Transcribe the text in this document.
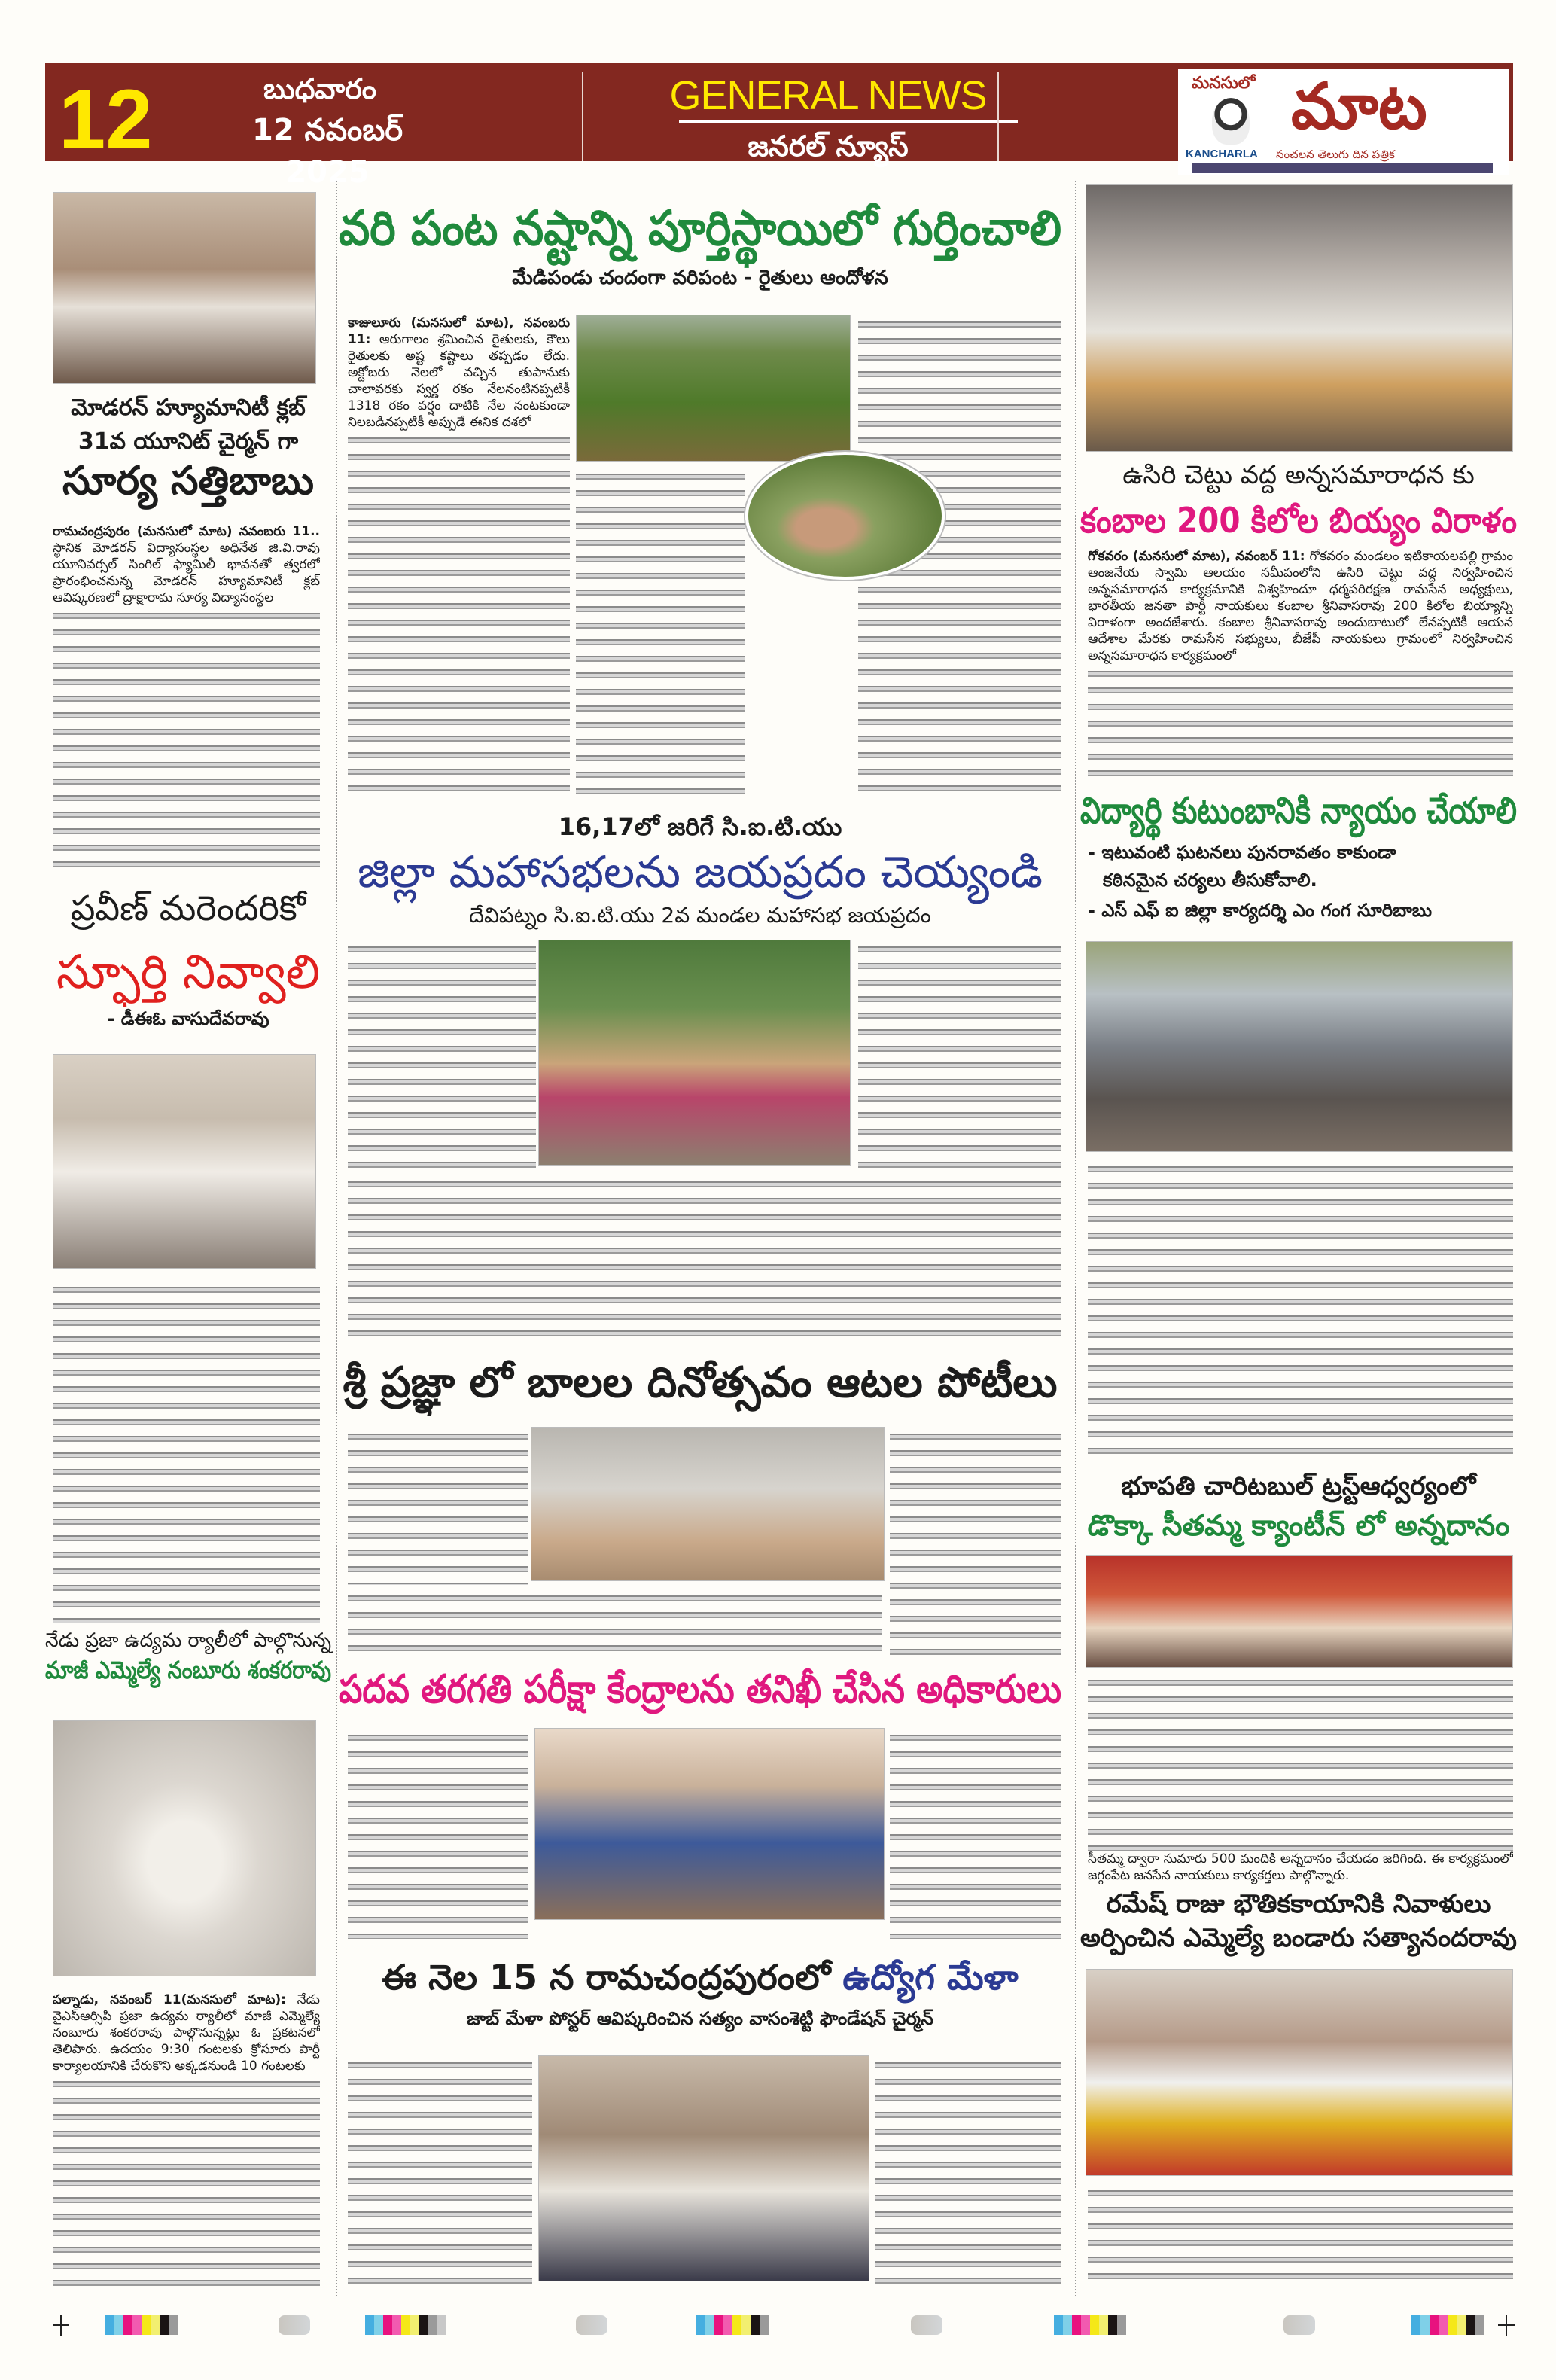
12	బుధవారం
12 నవంబర్ 2025
GENERAL NEWS
జనరల్ న్యూస్
మనసులో మాట
KANCHARLA సంచలన తెలుగు దిన పత్రిక
మోడరన్ హ్యూమానిటీ క్లబ్
31వ యూనిట్ చైర్మన్ గా
సూర్య సత్తిబాబు

రామచంద్రపురం (మనసులో మాట) నవంబరు 11.. స్థానిక మోడరన్ విద్యాసంస్థల అధినేత జి.వి.రావు యూనివర్సల్ సింగిల్ ఫ్యామిలీ భావనతో త్వరలో ప్రారంభించనున్న మోడరన్ హ్యూమానిటీ క్లబ్ ఆవిష్కరణలో ద్రాక్షారామ సూర్య విద్యాసంస్థల

ప్రవీణ్ మరెందరికో
స్ఫూర్తి నివ్వాలి
- డీఈఓ వాసుదేవరావు
నేడు ప్రజా ఉద్యమ ర్యాలీలో పాల్గొనున్న
మాజీ ఎమ్మెల్యే నంబూరు శంకరరావు

పల్నాడు, నవంబర్ 11(మనసులో మాట): నేడు వైఎస్ఆర్సిపి ప్రజా ఉద్యమ ర్యాలీలో మాజీ ఎమ్మెల్యే నంబూరు శంకరరావు పాల్గొనున్నట్లు ఓ ప్రకటనలో తెలిపారు. ఉదయం 9:30 గంటలకు క్రోసూరు పార్టీ కార్యాలయానికి చేరుకొని అక్కడనుండి 10 గంటలకు

వరి పంట నష్టాన్ని పూర్తిస్థాయిలో గుర్తించాలి
మేడిపండు చందంగా వరిపంట - రైతులు ఆందోళన

కాజులూరు (మనసులో మాట), నవంబరు 11: ఆరుగాలం శ్రమించిన రైతులకు, కౌలు రైతులకు అష్ట కష్టాలు తప్పడం లేదు. అక్టోబరు నెలలో వచ్చిన తుపానుకు చాలావరకు స్వర్ణ రకం నేలనంటినప్పటికీ 1318 రకం వర్షం దాటికి నేల నంటకుండా నిలబడినప్పటికీ అప్పుడే ఈనిక దశలో

16,17లో జరిగే సి.ఐ.టి.యు
జిల్లా మహాసభలను జయప్రదం చెయ్యండి
దేవిపట్నం సి.ఐ.టి.యు 2వ మండల మహాసభ జయప్రదం
శ్రీ ప్రజ్ఞా లో బాలల దినోత్సవం ఆటల పోటీలు
పదవ తరగతి పరీక్షా కేంద్రాలను తనిఖీ చేసిన అధికారులు
ఈ నెల 15 న రామచంద్రపురంలో ఉద్యోగ మేళా
జాబ్ మేళా పోస్టర్ ఆవిష్కరించిన సత్యం వాసంశెట్టి ఫౌండేషన్ చైర్మన్
ఉసిరి చెట్టు వద్ద అన్నసమారాధన కు
కంబాల 200 కిలోల బియ్యం విరాళం

గోకవరం (మనసులో మాట), నవంబర్ 11: గోకవరం మండలం ఇటికాయలపల్లి గ్రామం ఆంజనేయ స్వామి ఆలయం సమీపంలోని ఉసిరి చెట్టు వద్ద నిర్వహించిన అన్నసమారాధన కార్యక్రమానికి విశ్వహిందూ ధర్మపరిరక్షణ రామసేన అధ్యక్షులు, భారతీయ జనతా పార్టీ నాయకులు కంబాల శ్రీనివాసరావు 200 కిలోల బియ్యాన్ని విరాళంగా అందజేశారు. కంబాల శ్రీనివాసరావు అందుబాటులో లేనప్పటికీ ఆయన ఆదేశాల మేరకు రామసేన సభ్యులు, బీజేపీ నాయకులు గ్రామంలో నిర్వహించిన అన్నసమారాధన కార్యక్రమంలో

విద్యార్థి కుటుంబానికి న్యాయం చేయాలి
- ఇటువంటి ఘటనలు పునరావతం కాకుండా
కఠినమైన చర్యలు తీసుకోవాలి.
- ఎస్ ఎఫ్ ఐ జిల్లా కార్యదర్శి ఎం గంగ సూరిబాబు
భూపతి చారిటబుల్ ట్రస్ట్ఆధ్వర్యంలో
డొక్కా సీతమ్మ క్యాంటీన్ లో అన్నదానం

సీతమ్మ ద్వారా సుమారు 500 మందికి అన్నదానం చేయడం జరిగింది. ఈ కార్యక్రమంలో జగ్గంపేట జనసేన నాయకులు కార్యకర్తలు పాల్గొన్నారు.

రమేష్ రాజు భౌతికకాయానికి నివాళులు
అర్పించిన ఎమ్మెల్యే బండారు సత్యానందరావు
